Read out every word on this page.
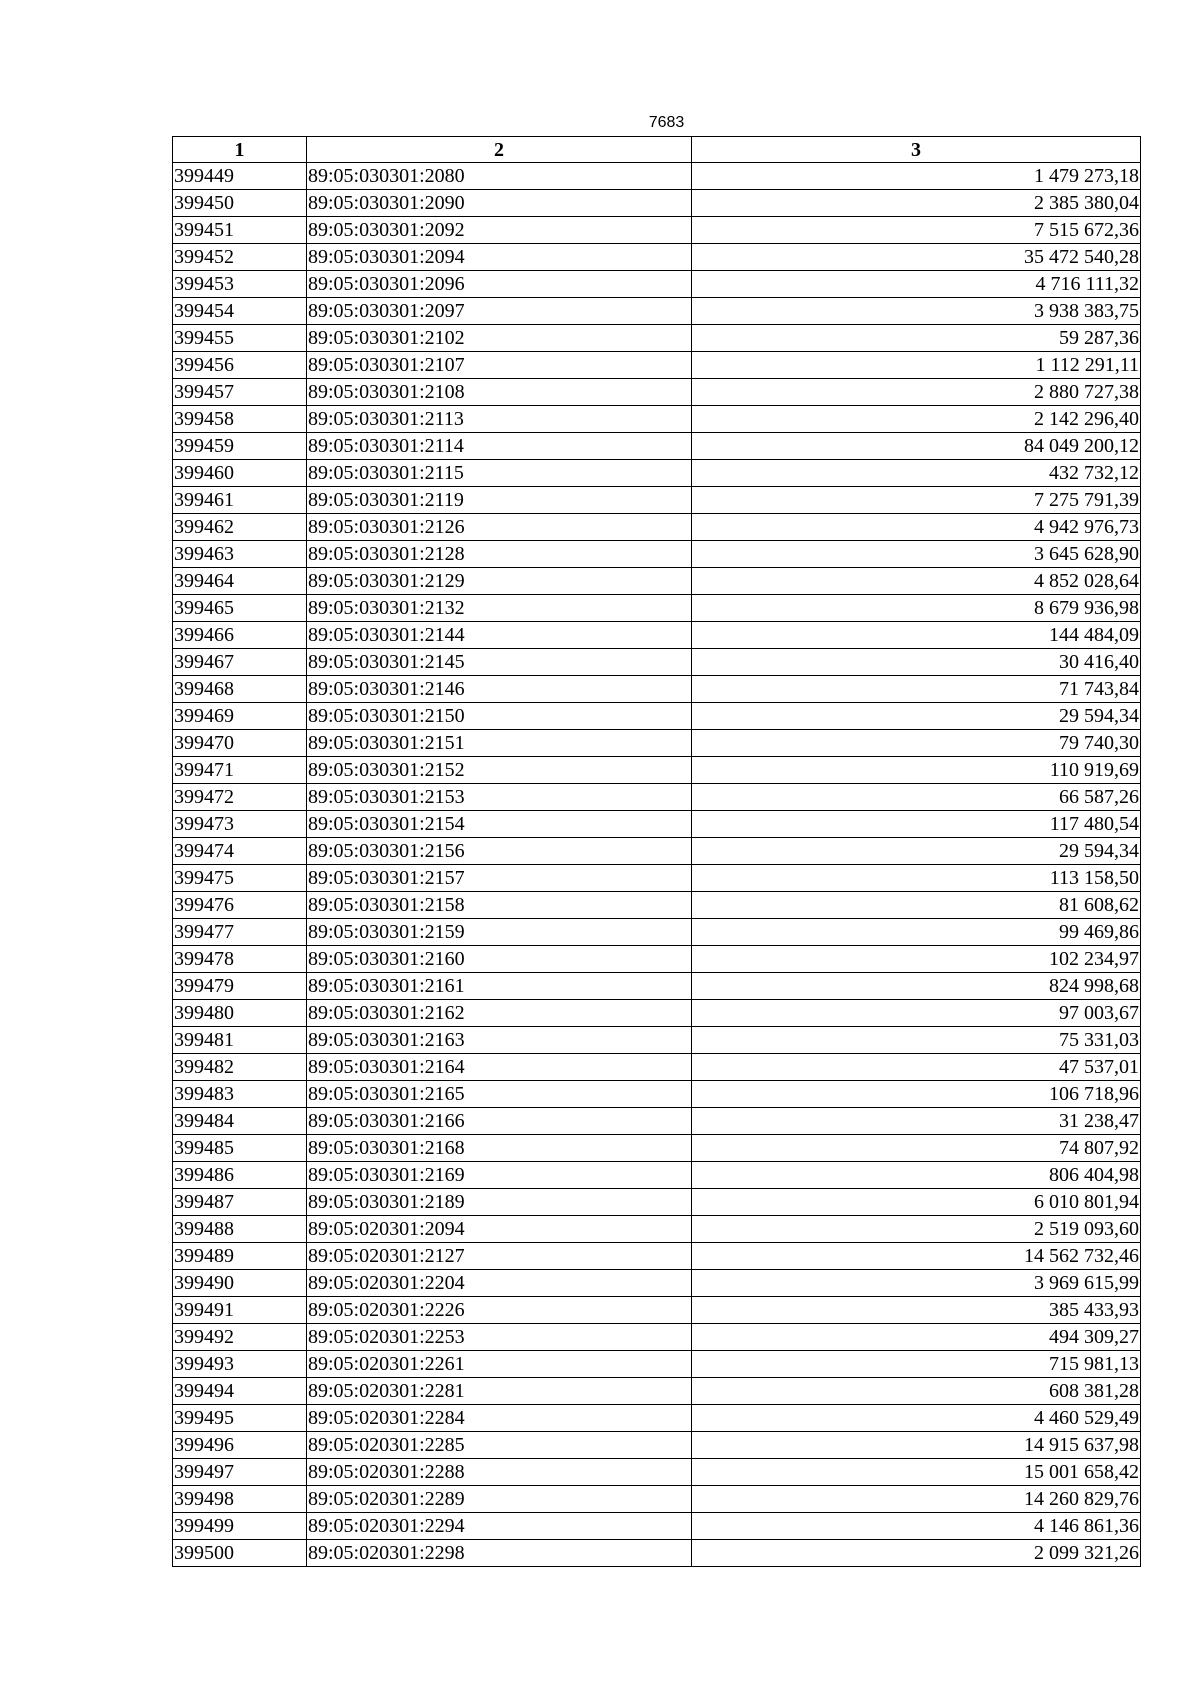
7683
1	2	3
399449	89:05:030301:2080	1 479 273,18
399450	89:05:030301:2090	2 385 380,04
399451	89:05:030301:2092	7 515 672,36
399452	89:05:030301:2094	35 472 540,28
399453	89:05:030301:2096	4 716 111,32
399454	89:05:030301:2097	3 938 383,75
399455	89:05:030301:2102	59 287,36
399456	89:05:030301:2107	1 112 291,11
399457	89:05:030301:2108	2 880 727,38
399458	89:05:030301:2113	2 142 296,40
399459	89:05:030301:2114	84 049 200,12
399460	89:05:030301:2115	432 732,12
399461	89:05:030301:2119	7 275 791,39
399462	89:05:030301:2126	4 942 976,73
399463	89:05:030301:2128	3 645 628,90
399464	89:05:030301:2129	4 852 028,64
399465	89:05:030301:2132	8 679 936,98
399466	89:05:030301:2144	144 484,09
399467	89:05:030301:2145	30 416,40
399468	89:05:030301:2146	71 743,84
399469	89:05:030301:2150	29 594,34
399470	89:05:030301:2151	79 740,30
399471	89:05:030301:2152	110 919,69
399472	89:05:030301:2153	66 587,26
399473	89:05:030301:2154	117 480,54
399474	89:05:030301:2156	29 594,34
399475	89:05:030301:2157	113 158,50
399476	89:05:030301:2158	81 608,62
399477	89:05:030301:2159	99 469,86
399478	89:05:030301:2160	102 234,97
399479	89:05:030301:2161	824 998,68
399480	89:05:030301:2162	97 003,67
399481	89:05:030301:2163	75 331,03
399482	89:05:030301:2164	47 537,01
399483	89:05:030301:2165	106 718,96
399484	89:05:030301:2166	31 238,47
399485	89:05:030301:2168	74 807,92
399486	89:05:030301:2169	806 404,98
399487	89:05:030301:2189	6 010 801,94
399488	89:05:020301:2094	2 519 093,60
399489	89:05:020301:2127	14 562 732,46
399490	89:05:020301:2204	3 969 615,99
399491	89:05:020301:2226	385 433,93
399492	89:05:020301:2253	494 309,27
399493	89:05:020301:2261	715 981,13
399494	89:05:020301:2281	608 381,28
399495	89:05:020301:2284	4 460 529,49
399496	89:05:020301:2285	14 915 637,98
399497	89:05:020301:2288	15 001 658,42
399498	89:05:020301:2289	14 260 829,76
399499	89:05:020301:2294	4 146 861,36
399500	89:05:020301:2298	2 099 321,26
